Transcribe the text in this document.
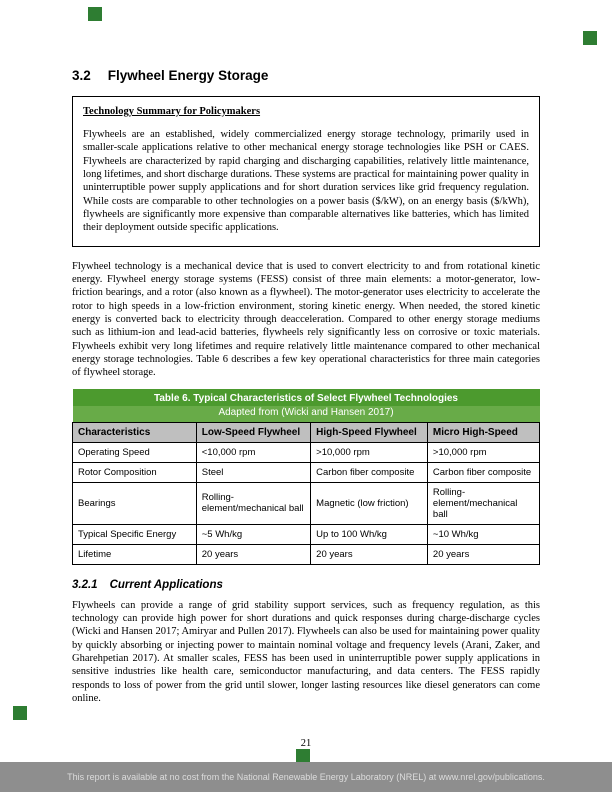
3.2 Flywheel Energy Storage
Technology Summary for Policymakers
Flywheels are an established, widely commercialized energy storage technology, primarily used in smaller-scale applications relative to other mechanical energy storage technologies like PSH or CAES. Flywheels are characterized by rapid charging and discharging capabilities, relatively little maintenance, long lifetimes, and short discharge durations. These systems are practical for maintaining power quality in uninterruptible power supply applications and for short duration services like grid frequency regulation. While costs are comparable to other technologies on a power basis ($/kW), on an energy basis ($/kWh), flywheels are significantly more expensive than comparable alternatives like batteries, which has limited their deployment outside specific applications.

Flywheel technology is a mechanical device that is used to convert electricity to and from rotational kinetic energy. Flywheel energy storage systems (FESS) consist of three main elements: a motor-generator, low-friction bearings, and a rotor (also known as a flywheel). The motor-generator uses electricity to accelerate the rotor to high speeds in a low-friction environment, storing kinetic energy. When needed, the stored kinetic energy is converted back to electricity through deacceleration. Compared to other energy storage mediums such as lithium-ion and lead-acid batteries, flywheels rely significantly less on corrosive or toxic materials. Flywheels exhibit very long lifetimes and require relatively little maintenance compared to other mechanical energy storage technologies. Table 6 describes a few key operational characteristics for three main categories of flywheel storage.

Table 6. Typical Characteristics of Select Flywheel Technologies			
Adapted from (Wicki and Hansen 2017)			
Characteristics	Low-Speed Flywheel	High-Speed Flywheel	Micro High-Speed
Operating Speed	<10,000 rpm	>10,000 rpm	>10,000 rpm
Rotor Composition	Steel	Carbon fiber composite	Carbon fiber composite
Bearings	Rolling-element/mechanical ball	Magnetic (low friction)	Rolling-element/mechanical ball
Typical Specific Energy	~5 Wh/kg	Up to 100 Wh/kg	~10 Wh/kg
Lifetime	20 years	20 years	20 years
3.2.1 Current Applications

Flywheels can provide a range of grid stability support services, such as frequency regulation, as this technology can provide high power for short durations and quick responses during charge-discharge cycles (Wicki and Hansen 2017; Amiryar and Pullen 2017). Flywheels can also be used for maintaining power quality by quickly absorbing or injecting power to maintain nominal voltage and frequency levels (Arani, Zaker, and Gharehpetian 2017). At smaller scales, FESS has been used in uninterruptible power supply applications in sensitive industries like health care, semiconductor manufacturing, and data centers. The FESS rapidly responds to loss of power from the grid until slower, longer lasting resources like diesel generators can come online.

21
This report is available at no cost from the National Renewable Energy Laboratory (NREL) at www.nrel.gov/publications.
